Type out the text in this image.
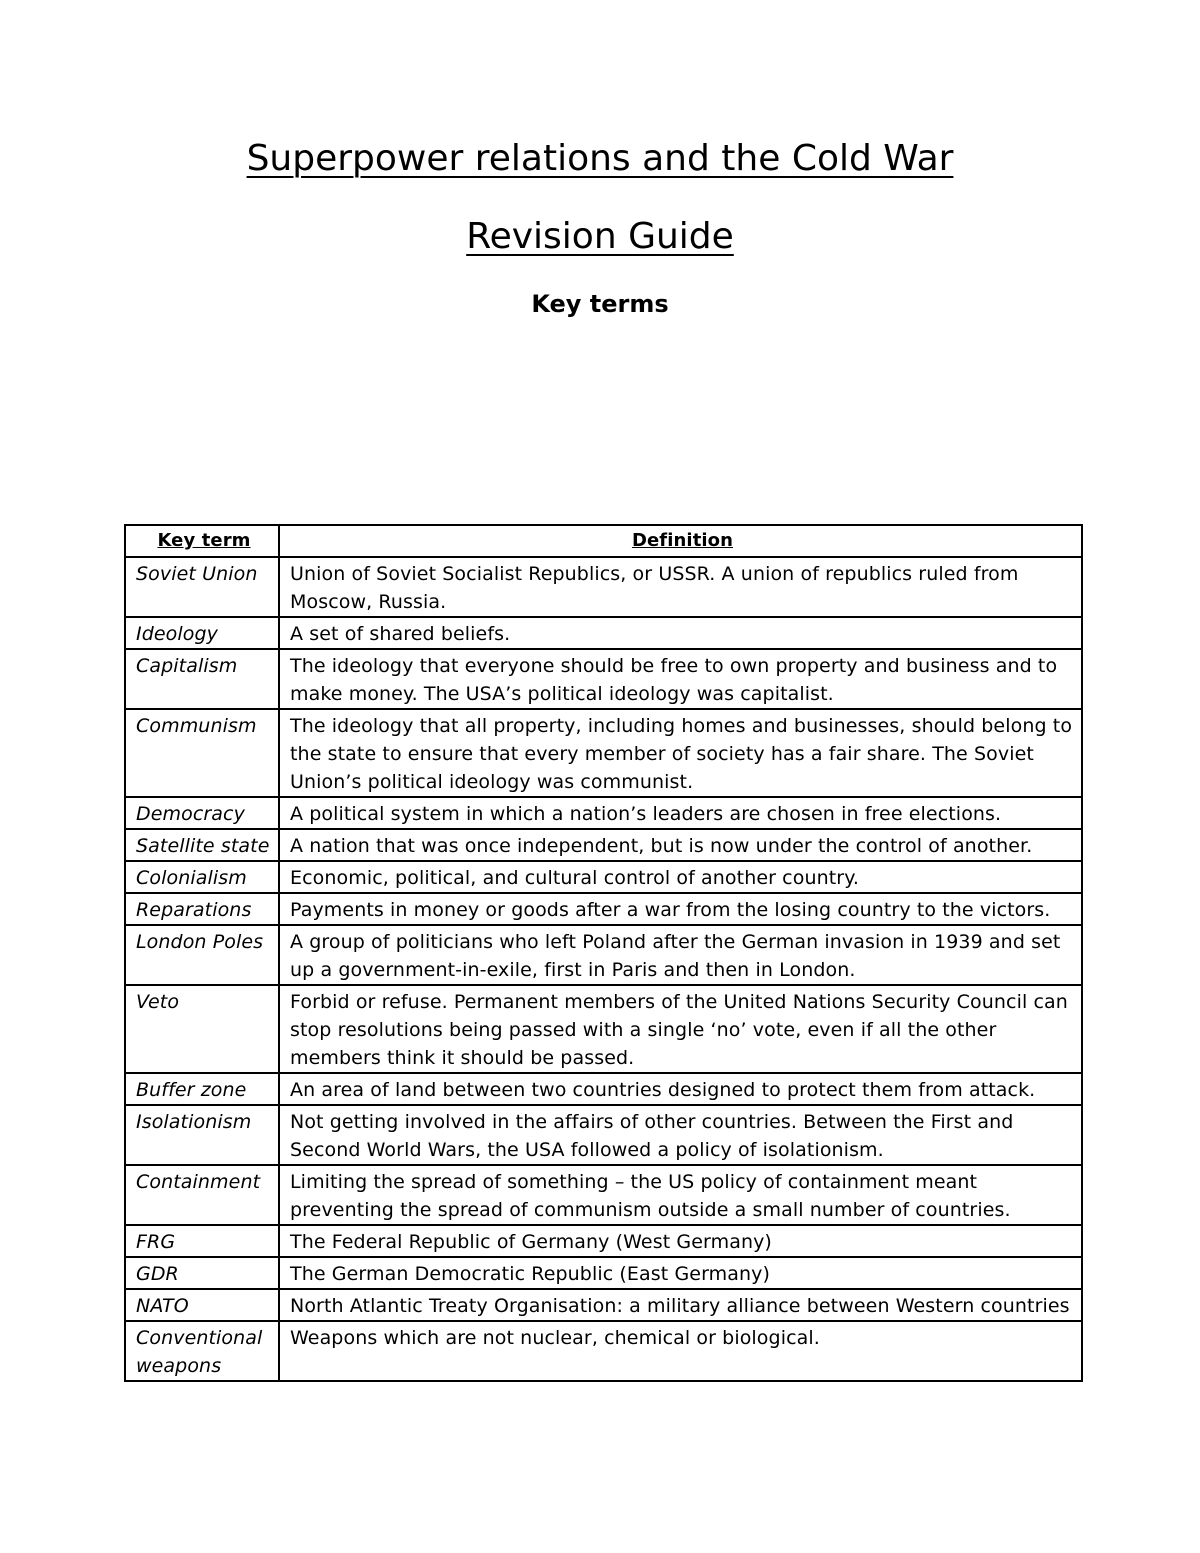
Superpower relations and the Cold War
Revision Guide
Key terms
Key term	Definition
Soviet Union	Union of Soviet Socialist Republics, or USSR. A union of republics ruled from Moscow, Russia.
Ideology	A set of shared beliefs.
Capitalism	The ideology that everyone should be free to own property and business and to make money. The USA’s political ideology was capitalist.
Communism	The ideology that all property, including homes and businesses, should belong to the state to ensure that every member of society has a fair share. The Soviet Union’s political ideology was communist.
Democracy	A political system in which a nation’s leaders are chosen in free elections.
Satellite state	A nation that was once independent, but is now under the control of another.
Colonialism	Economic, political, and cultural control of another country.
Reparations	Payments in money or goods after a war from the losing country to the victors.
London Poles	A group of politicians who left Poland after the German invasion in 1939 and set up a government-in-exile, first in Paris and then in London.
Veto	Forbid or refuse. Permanent members of the United Nations Security Council can stop resolutions being passed with a single ‘no’ vote, even if all the other members think it should be passed.
Buffer zone	An area of land between two countries designed to protect them from attack.
Isolationism	Not getting involved in the affairs of other countries. Between the First and Second World Wars, the USA followed a policy of isolationism.
Containment	Limiting the spread of something – the US policy of containment meant preventing the spread of communism outside a small number of countries.
FRG	The Federal Republic of Germany (West Germany)
GDR	The German Democratic Republic (East Germany)
NATO	North Atlantic Treaty Organisation: a military alliance between Western countries
Conventional weapons	Weapons which are not nuclear, chemical or biological.
